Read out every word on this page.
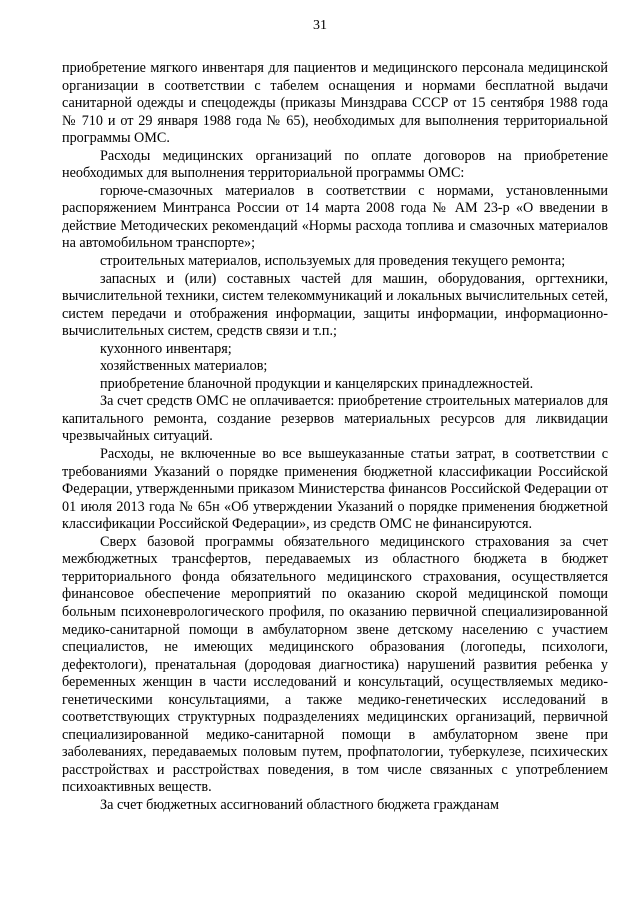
31

приобретение мягкого инвентаря для пациентов и медицинского персонала медицинской организации в соответствии с табелем оснащения и нормами бесплатной выдачи санитарной одежды и спецодежды (приказы Минздрава СССР от 15 сентября 1988 года № 710 и от 29 января 1988 года № 65), необходимых для выполнения территориальной программы ОМС.

Расходы медицинских организаций по оплате договоров на приобретение необходимых для выполнения территориальной программы ОМС:

горюче-смазочных материалов в соответствии с нормами, установленными распоряжением Минтранса России от 14 марта 2008 года № АМ 23-р «О введении в действие Методических рекомендаций «Нормы расхода топлива и смазочных материалов на автомобильном транспорте»;

строительных материалов, используемых для проведения текущего ремонта;

запасных и (или) составных частей для машин, оборудования, оргтехники, вычислительной техники, систем телекоммуникаций и локальных вычислительных сетей, систем передачи и отображения информации, защиты информации, информационно-вычислительных систем, средств связи и т.п.;

кухонного инвентаря;

хозяйственных материалов;

приобретение бланочной продукции и канцелярских принадлежностей.

За счет средств ОМС не оплачивается: приобретение строительных материалов для капитального ремонта, создание резервов материальных ресурсов для ликвидации чрезвычайных ситуаций.

Расходы, не включенные во все вышеуказанные статьи затрат, в соответствии с требованиями Указаний о порядке применения бюджетной классификации Российской Федерации, утвержденными приказом Министерства финансов Российской Федерации от 01 июля 2013 года № 65н «Об утверждении Указаний о порядке применения бюджетной классификации Российской Федерации», из средств ОМС не финансируются.

Сверх базовой программы обязательного медицинского страхования за счет межбюджетных трансфертов, передаваемых из областного бюджета в бюджет территориального фонда обязательного медицинского страхования, осуществляется финансовое обеспечение мероприятий по оказанию скорой медицинской помощи больным психоневрологического профиля, по оказанию первичной специализированной медико-санитарной помощи в амбулаторном звене детскому населению с участием специалистов, не имеющих медицинского образования (логопеды, психологи, дефектологи), пренатальная (дородовая диагностика) нарушений развития ребенка у беременных женщин в части исследований и консультаций, осуществляемых медико-генетическими консультациями, а также медико-генетических исследований в соответствующих структурных подразделениях медицинских организаций, первичной специализированной медико-санитарной помощи в амбулаторном звене при заболеваниях, передаваемых половым путем, профпатологии, туберкулезе, психических расстройствах и расстройствах поведения, в том числе связанных с употреблением психоактивных веществ.

За счет бюджетных ассигнований областного бюджета гражданам
